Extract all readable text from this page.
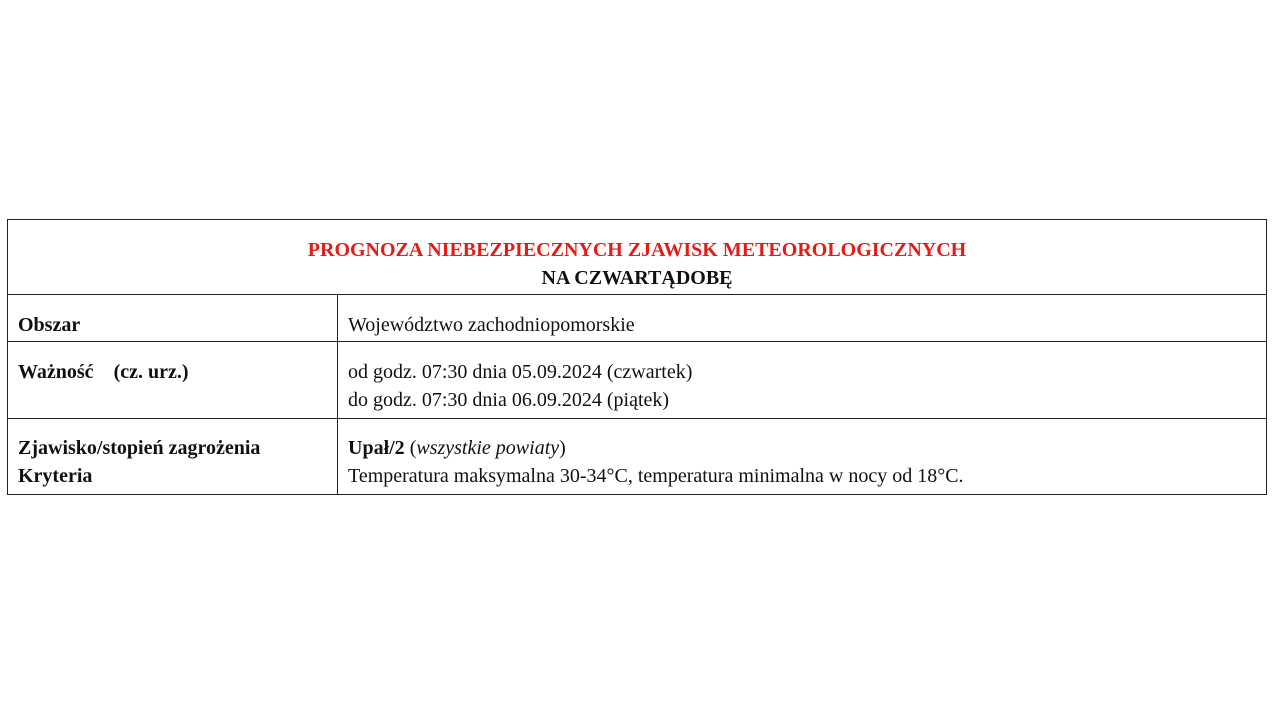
PROGNOZA NIEBEZPIECZNYCH ZJAWISK METEOROLOGICZNYCH
NA CZWARTĄDOBĘ	

Obszar	Województwo zachodniopomorskie
Ważność (cz. urz.)	od godz. 07:30 dnia 05.09.2024 (czwartek)
do godz. 07:30 dnia 06.09.2024 (piątek)

Zjawisko/stopień zagrożenia
Kryteria	Upał/2 (wszystkie powiaty)
Temperatura maksymalna 30-34°C, temperatura minimalna w nocy od 18°C.
